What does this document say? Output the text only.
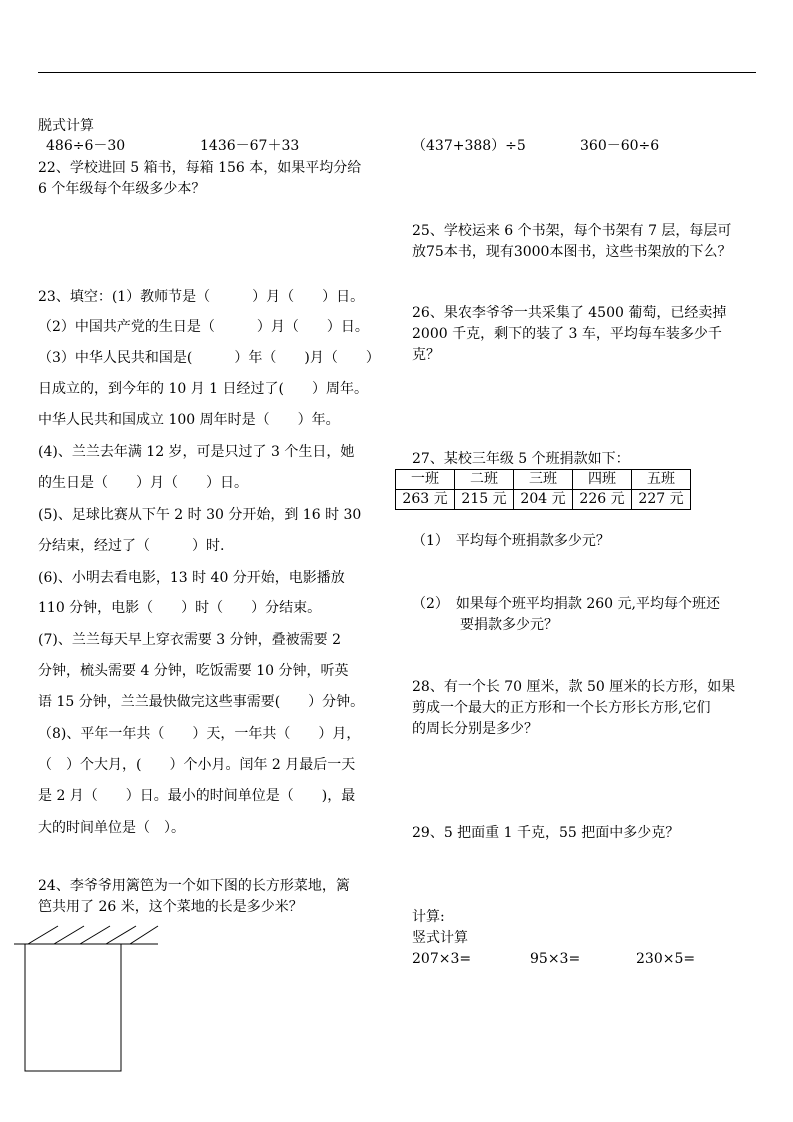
脱式计算
486÷6－30	1436－67＋33	（437+388）÷5	360－60÷6
22、学校进回 5 箱书，每箱 156 本，如果平均分给
6 个年级每个年级多少本？
23、填空：(1）教师节是（　　　）月（　　）日。
（2）中国共产党的生日是（　　　）月（　　）日。
（3）中华人民共和国是(　　　）年（　　)月（　　）
日成立的，到今年的 10 月 1 日经过了(　　）周年。
中华人民共和国成立 100 周年时是（　　）年。
(4)、兰兰去年满 12 岁，可是只过了 3 个生日，她
的生日是（　　）月（　　）日。
(5)、足球比赛从下午 2 时 30 分开始，到 16 时 30
分结束，经过了（　　　）时.
(6)、小明去看电影，13 时 40 分开始，电影播放
110 分钟，电影（　　）时（　　）分结束。
(7)、兰兰每天早上穿衣需要 3 分钟，叠被需要 2
分钟，梳头需要 4 分钟，吃饭需要 10 分钟，听英
语 15 分钟，兰兰最快做完这些事需要(　　）分钟。
（8)、平年一年共（　　）天，一年共（　　）月，
（　）个大月，(　　）个小月。闰年 2 月最后一天
是 2 月（　　）日。最小的时间单位是（　　)，最
大的时间单位是（　）。
24、李爷爷用篱笆为一个如下图的长方形菜地，篱
笆共用了 26 米，这个菜地的长是多少米？
25、学校运来 6 个书架，每个书架有 7 层，每层可
放75本书，现有3000本图书，这些书架放的下么？
26、果农李爷爷一共采集了 4500 葡萄，已经卖掉
2000 千克，剩下的装了 3 车，平均每车装多少千
克？
27、某校三年级 5 个班捐款如下：
一班	二班	三班	四班	五班
263 元	215 元	204 元	226 元	227 元
（1）　平均每个班捐款多少元？
（2）　如果每个班平均捐款 260 元,平均每个班还
要捐款多少元？
28、有一个长 70 厘米，款 50 厘米的长方形，如果
剪成一个最大的正方形和一个长方形长方形,它们
的周长分别是多少？
29、5 把面重 1 千克，55 把面中多少克？
计算:
竖式计算
207×3=	95×3=	230×5=
